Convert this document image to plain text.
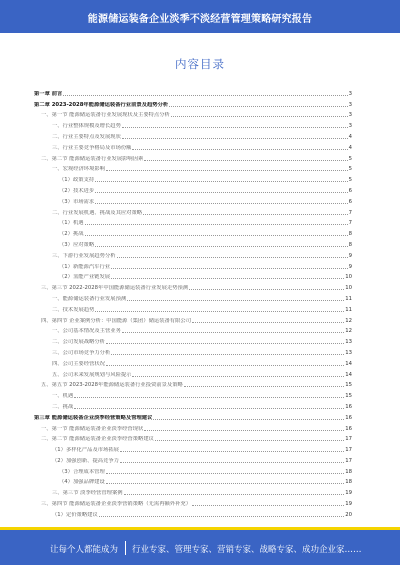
能源储运装备企业淡季不淡经营管理策略研究报告
内容目录
第一章 前言	3
第二章 2023-2028年能源储运装备行业前景及趋势分析	3
一、第一节 能源储运装备行业发展现状及主要特点分析	3
一、行业整体规模及增长趋势	3
二、行业主要特点及发展现状	4
三、行业主要竞争格局及市场份额	4
二、第二节 能源储运装备行业发展影响因素	5
一、宏观经济环境影响	5
（1）政策支持	5
（2）技术进步	6
（3）市场需求	6
二、行业发展机遇、挑战及其应对策略	7
（1）机遇	7
（2）挑战	8
（3）应对策略	8
三、下游行业发展趋势分析	9
（1）新能源汽车行业	9
（2）氢能产业链发展	10
三、第三节 2022-2028年中国能源储运装备行业发展走势预测	10
一、能源储运装备行业发展预测	11
二、技术发展趋势	11
四、第四节 企业案例分析：中国能源（集团）储运装备有限公司	12
一、公司基本情况及主营业务	12
二、公司发展战略分析	13
三、公司市场竞争力分析	13
四、公司主要经营状况	14
五、公司未来发展规划与风险提示	14
五、第五节 2023-2028年能源储运装备行业投资前景及策略	15
一、机遇	15
二、挑战	16
第三章 能源储运装备企业淡季经营策略及管理建议	16
一、第一节 能源储运装备企业淡季经营现状	16
二、第二节 能源储运装备企业淡季经营策略建议	17
（1）多样化产品及市场拓展	17
（2）加强创新、提高竞争力	17
（3）合理成本管理	18
（4）加强品牌建设	18
三、第三节 淡季经营管理案例	19
三、第四节 能源储运装备企业淡季营销策略（无需再额外补充）	19
（1）定价策略建议	20
让每个人都能成为 行业专家、管理专家、营销专家、战略专家、成功企业家……
